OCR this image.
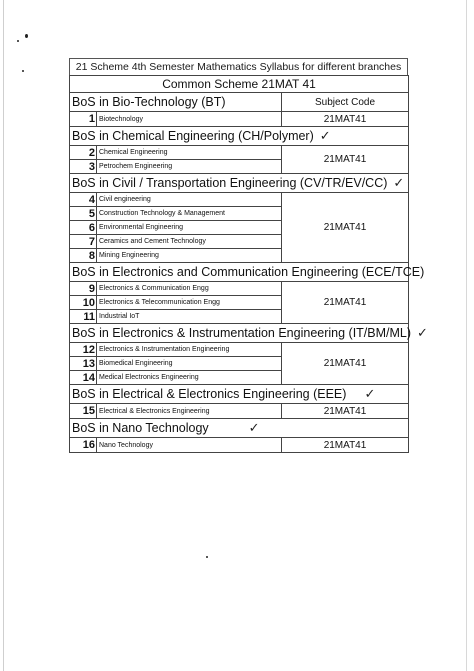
21 Scheme 4th Semester Mathematics Syllabus for different branches
Common Scheme 21MAT 41		
BoS in Bio-Technology (BT)		Subject Code
1	Biotechnology	21MAT41
BoS in Chemical Engineering (CH/Polymer) ✓		
2	Chemical Engineering	21MAT41
3	Petrochem Engineering	
BoS in Civil / Transportation Engineering (CV/TR/EV/CC) ✓		
4	Civil engineering	21MAT41
5	Construction Technology & Management	
6	Environmental Engineering	
7	Ceramics and Cement Technology	
8	Mining Engineering	
BoS in Electronics and Communication Engineering (ECE/TCE)		
9	Electronics & Communication Engg	21MAT41
10	Electronics & Telecommunication Engg	
11	Industrial IoT	
BoS in Electronics & Instrumentation Engineering (IT/BM/ML) ✓		
12	Electronics & Instrumentation Engineering	21MAT41
13	Biomedical Engineering	
14	Medical Electronics Engineering	
BoS in Electrical & Electronics Engineering (EEE) ✓		
15	Electrical & Electronics Engineering	21MAT41
BoS in Nano Technology ✓		
16	Nano Technology	21MAT41
